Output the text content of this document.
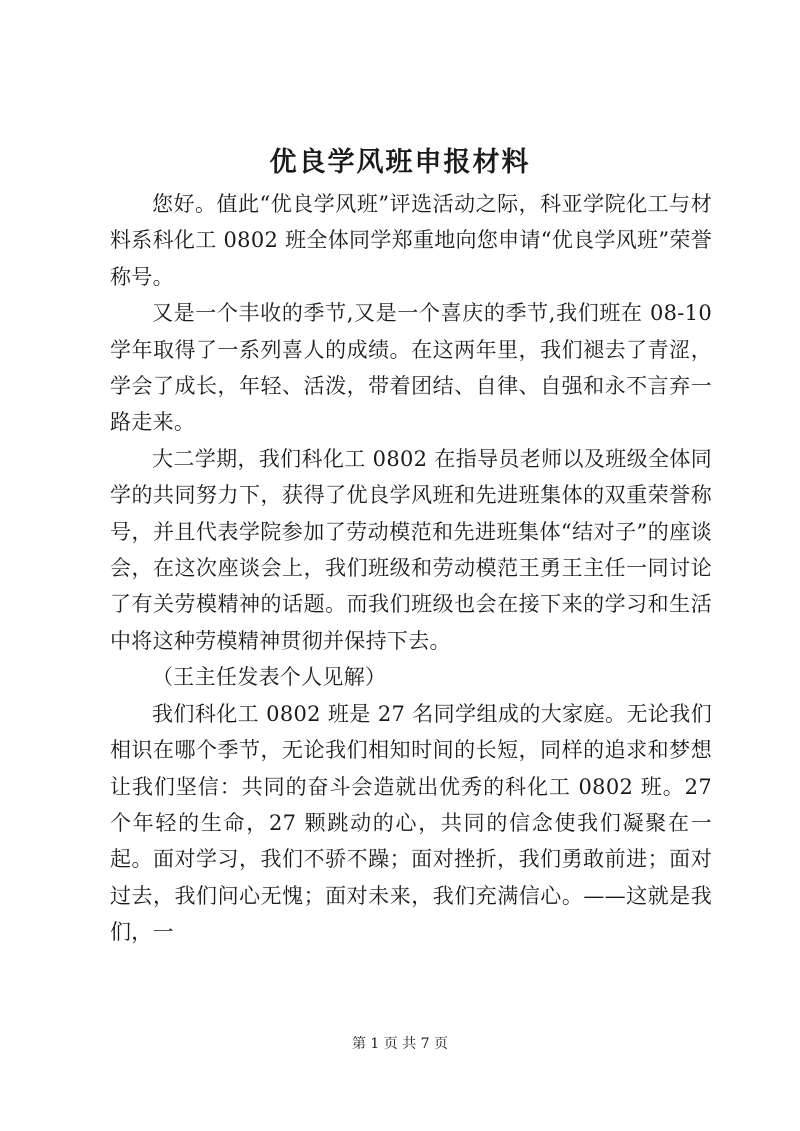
优良学风班申报材料

您好。值此“优良学风班”评选活动之际，科亚学院化工与材料系科化工 0802 班全体同学郑重地向您申请“优良学风班”荣誉称号。

又是一个丰收的季节,又是一个喜庆的季节,我们班在 08-10 学年取得了一系列喜人的成绩。在这两年里，我们褪去了青涩，学会了成长，年轻、活泼，带着团结、自律、自强和永不言弃一路走来。

大二学期，我们科化工 0802 在指导员老师以及班级全体同学的共同努力下，获得了优良学风班和先进班集体的双重荣誉称号，并且代表学院参加了劳动模范和先进班集体“结对子”的座谈会，在这次座谈会上，我们班级和劳动模范王勇王主任一同讨论了有关劳模精神的话题。而我们班级也会在接下来的学习和生活中将这种劳模精神贯彻并保持下去。

（王主任发表个人见解）

我们科化工 0802 班是 27 名同学组成的大家庭。无论我们相识在哪个季节，无论我们相知时间的长短，同样的追求和梦想让我们坚信：共同的奋斗会造就出优秀的科化工 0802 班。27 个年轻的生命，27 颗跳动的心，共同的信念使我们凝聚在一起。面对学习，我们不骄不躁；面对挫折，我们勇敢前进；面对过去，我们问心无愧；面对未来，我们充满信心。——这就是我们，一

第 1 页 共 7 页
